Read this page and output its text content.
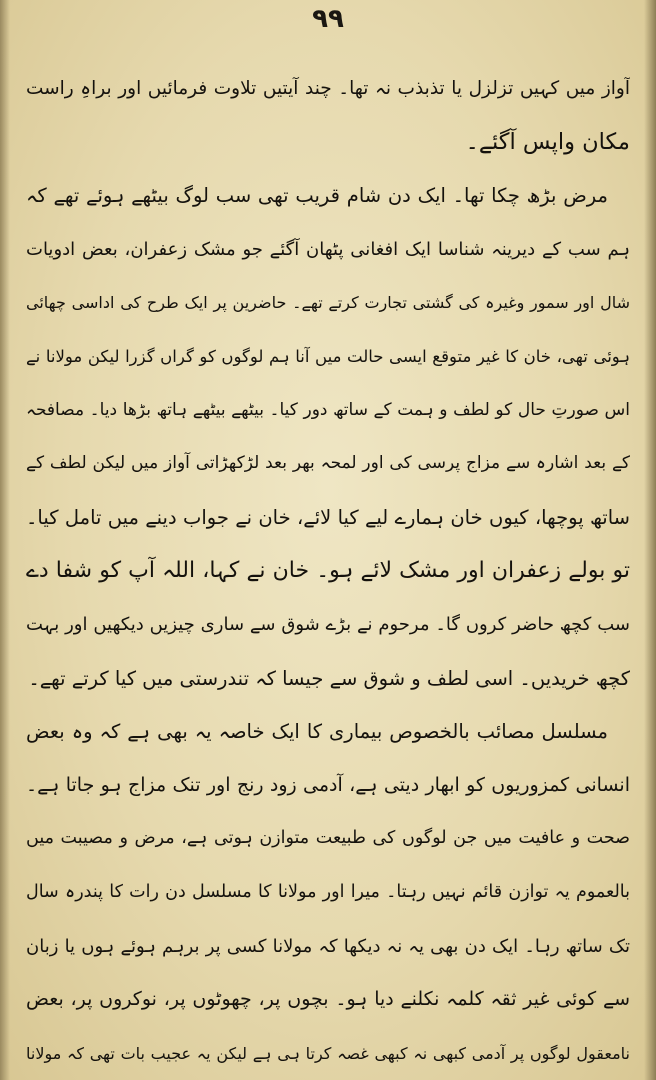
۹۹
آواز میں کہیں تزلزل یا تذبذب نہ تھا۔ چند آیتیں تلاوت فرمائیں اور براہِ راست
مکان واپس آگئے۔
مرض بڑھ چکا تھا۔ ایک دن شام قریب تھی سب لوگ بیٹھے ہوئے تھے کہ
ہم سب کے دیرینہ شناسا ایک افغانی پٹھان آگئے جو مشک زعفران، بعض ادویات
شال اور سمور وغیرہ کی گشتی تجارت کرتے تھے۔ حاضرین پر ایک طرح کی اداسی چھائی
ہوئی تھی، خان کا غیر متوقع ایسی حالت میں آنا ہم لوگوں کو گراں گزرا لیکن مولانا نے
اس صورتِ حال کو لطف و ہمت کے ساتھ دور کیا۔ بیٹھے بیٹھے ہاتھ بڑھا دیا۔ مصافحہ
کے بعد اشارہ سے مزاج پرسی کی اور لمحہ بھر بعد لڑکھڑاتی آواز میں لیکن لطف کے
ساتھ پوچھا، کیوں خان ہمارے لیے کیا لائے، خان نے جواب دینے میں تامل کیا۔
تو بولے زعفران اور مشک لائے ہو۔ خان نے کہا، اللہ آپ کو شفا دے
سب کچھ حاضر کروں گا۔ مرحوم نے بڑے شوق سے ساری چیزیں دیکھیں اور بہت
کچھ خریدیں۔ اسی لطف و شوق سے جیسا کہ تندرستی میں کیا کرتے تھے۔
مسلسل مصائب بالخصوص بیماری کا ایک خاصہ یہ بھی ہے کہ وہ بعض
انسانی کمزوریوں کو ابھار دیتی ہے، آدمی زود رنج اور تنک مزاج ہو جاتا ہے۔
صحت و عافیت میں جن لوگوں کی طبیعت متوازن ہوتی ہے، مرض و مصیبت میں
بالعموم یہ توازن قائم نہیں رہتا۔ میرا اور مولانا کا مسلسل دن رات کا پندرہ سال
تک ساتھ رہا۔ ایک دن بھی یہ نہ دیکھا کہ مولانا کسی پر برہم ہوئے ہوں یا زبان
سے کوئی غیر ثقہ کلمہ نکلنے دیا ہو۔ بچوں پر، چھوٹوں پر، نوکروں پر، بعض
نامعقول لوگوں پر آدمی کبھی نہ کبھی غصہ کرتا ہی ہے لیکن یہ عجیب بات تھی کہ مولانا
